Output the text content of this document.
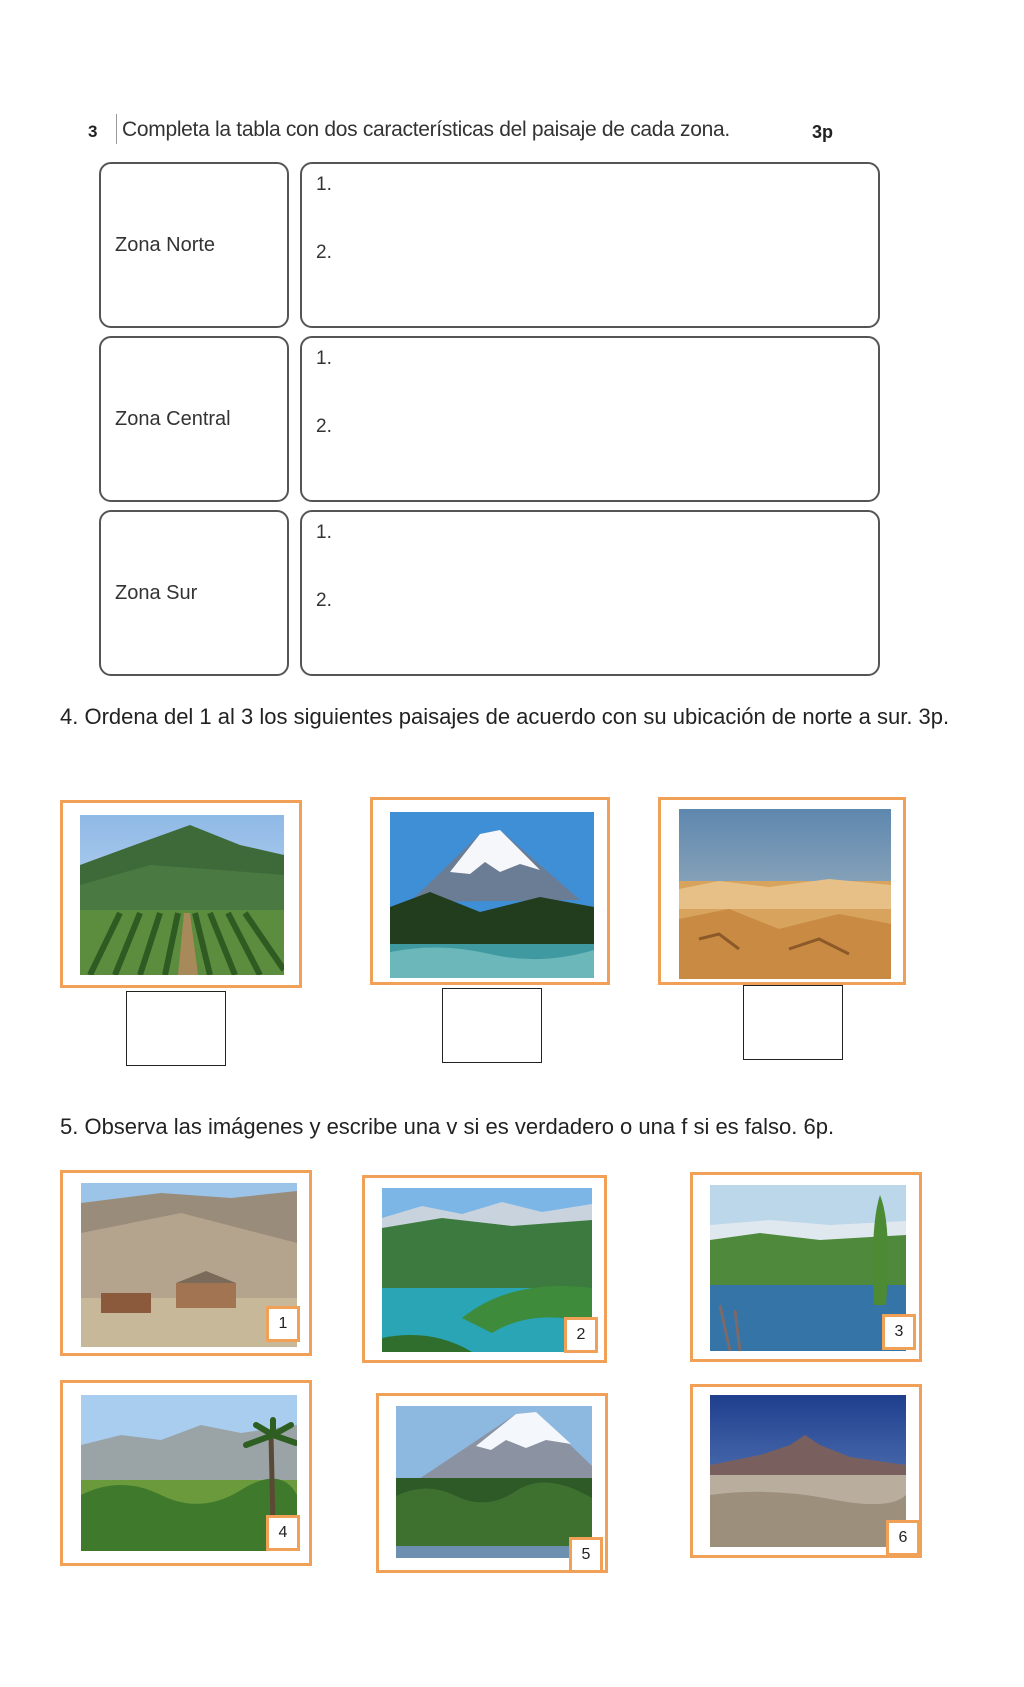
3 Completa la tabla con dos características del paisaje de cada zona.	3p
Zona Norte
1.
2.
Zona Central
1.
2.
Zona Sur
1.
2.
4. Ordena del 1 al 3 los siguientes paisajes de acuerdo con su ubicación de norte a sur. 3p.
5. Observa las imágenes y escribe una v si es verdadero o una f si es falso. 6p.
1
2	3
4
5
6
